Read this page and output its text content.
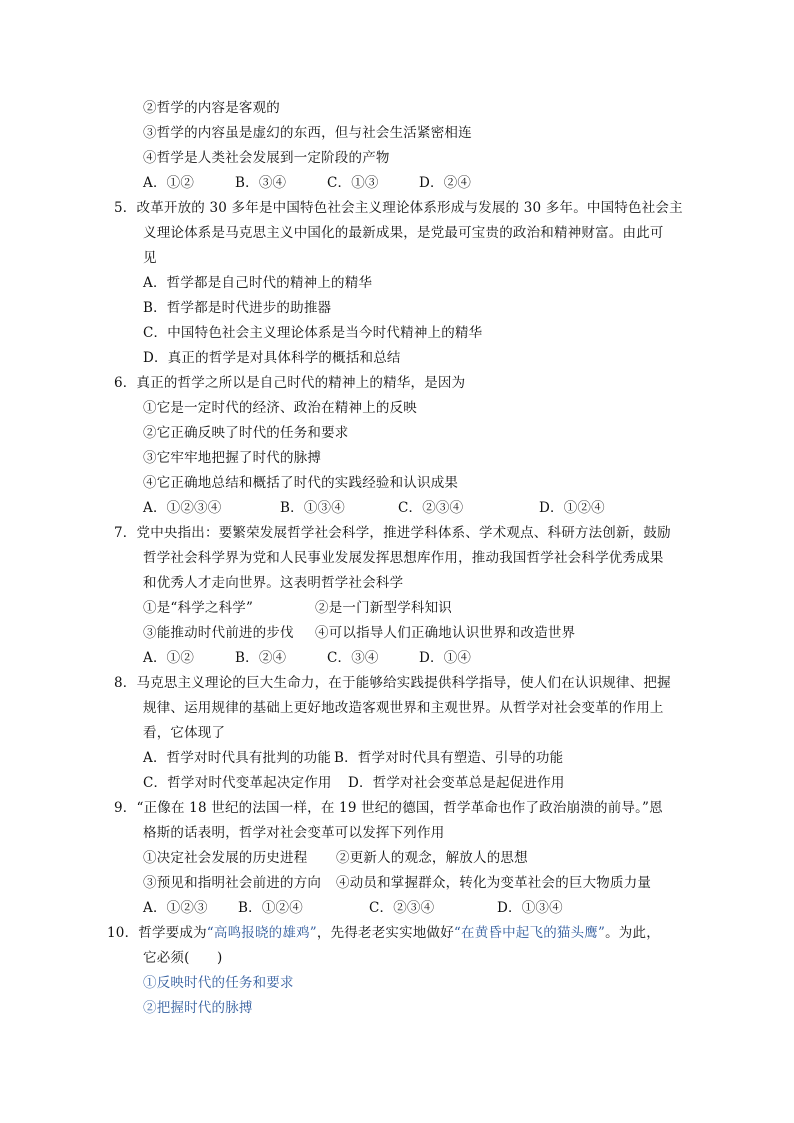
②哲学的内容是客观的
③哲学的内容虽是虚幻的东西，但与社会生活紧密相连
④哲学是人类社会发展到一定阶段的产物
A．①②	B．③④	C．①③	D．②④
5．改革开放的 30 多年是中国特色社会主义理论体系形成与发展的 30 多年。中国特色社会主
义理论体系是马克思主义中国化的最新成果，是党最可宝贵的政治和精神财富。由此可
见
A．哲学都是自己时代的精神上的精华
B．哲学都是时代进步的助推器
C．中国特色社会主义理论体系是当今时代精神上的精华
D．真正的哲学是对具体科学的概括和总结
6．真正的哲学之所以是自己时代的精神上的精华，是因为
①它是一定时代的经济、政治在精神上的反映
②它正确反映了时代的任务和要求
③它牢牢地把握了时代的脉搏
④它正确地总结和概括了时代的实践经验和认识成果
A．①②③④	B．①③④	C．②③④	D．①②④
7．党中央指出：要繁荣发展哲学社会科学，推进学科体系、学术观点、科研方法创新，鼓励
哲学社会科学界为党和人民事业发展发挥思想库作用，推动我国哲学社会科学优秀成果
和优秀人才走向世界。这表明哲学社会科学
①是“科学之科学”	②是一门新型学科知识
③能推动时代前进的步伐 ④可以指导人们正确地认识世界和改造世界
A．①②	B．②④	C．③④	D．①④
8．马克思主义理论的巨大生命力，在于能够给实践提供科学指导，使人们在认识规律、把握
规律、运用规律的基础上更好地改造客观世界和主观世界。从哲学对社会变革的作用上
看，它体现了
A．哲学对时代具有批判的功能 B．哲学对时代具有塑造、引导的功能
C．哲学对时代变革起决定作用 D．哲学对社会变革总是起促进作用
9．“正像在 18 世纪的法国一样，在 19 世纪的德国，哲学革命也作了政治崩溃的前导。”恩
格斯的话表明，哲学对社会变革可以发挥下列作用
①决定社会发展的历史进程 ②更新人的观念，解放人的思想
③预见和指明社会前进的方向 ④动员和掌握群众，转化为变革社会的巨大物质力量
A．①②③ B．①②④	C．②③④	D．①③④
10．哲学要成为“高鸣报晓的雄鸡”，先得老老实实地做好“在黄昏中起飞的猫头鹰”。为此，
它必须(　　)
①反映时代的任务和要求
②把握时代的脉搏
